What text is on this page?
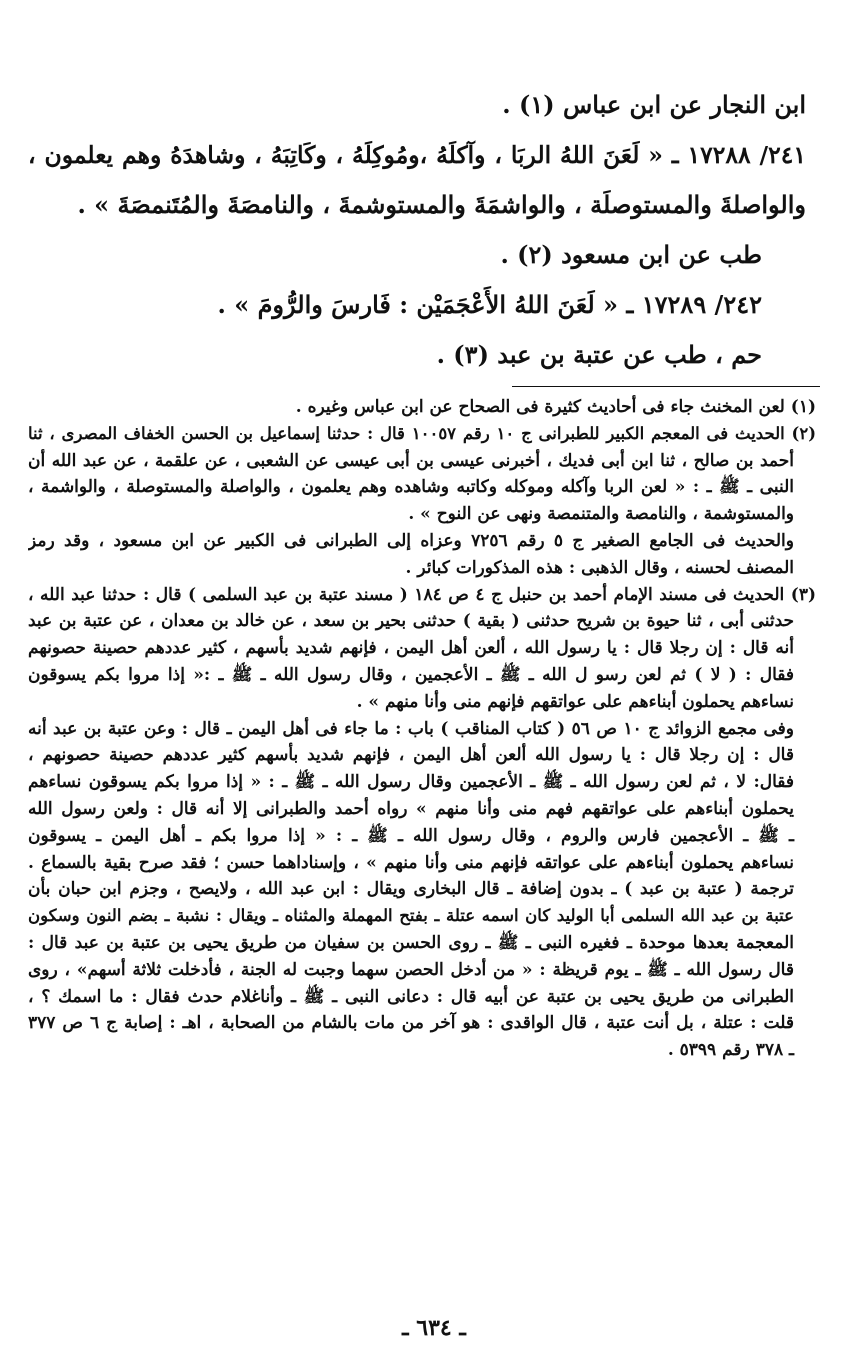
ابن النجار عن ابن عباس (١) .
٢٤١/ ١٧٢٨٨ ـ « لَعَنَ اللهُ الربَا ، وآكلَهُ ،ومُوكِلَهُ ، وكَاتِبَهُ ، وشاهدَهُ وهم يعلمون ،
والواصلةَ والمستوصلَة ، والواشمَةَ والمستوشمةَ ، والنامصَةَ والمُتَنمصَةَ » .
طب عن ابن مسعود (٢) .
٢٤٢/ ١٧٢٨٩ ـ « لَعَنَ اللهُ الأَعْجَمَيْن : فَارسَ والرُّومَ » .
حم ، طب عن عتبة بن عبد (٣) .
(١) لعن المخنث جاء فى أحاديث كثيرة فى الصحاح عن ابن عباس وغيره .
(٢) الحديث فى المعجم الكبير للطبرانى ج ١٠ رقم ١٠٠٥٧ قال : حدثنا إسماعيل بن الحسن الخفاف المصرى ، ثنا
أحمد بن صالح ، ثنا ابن أبى فديك ، أخبرنى عيسى بن أبى عيسى عن الشعبى ، عن علقمة ، عن عبد الله أن
النبى ـ ﷺ ـ : « لعن الربا وآكله وموكله وكاتبه وشاهده وهم يعلمون ، والواصلة والمستوصلة ، والواشمة ،
والمستوشمة ، والنامصة والمتنمصة ونهى عن النوح » .
والحديث فى الجامع الصغير ج ٥ رقم ٧٢٥٦ وعزاه إلى الطبرانى فى الكبير عن ابن مسعود ، وقد رمز
المصنف لحسنه ، وقال الذهبى : هذه المذكورات كبائر .
(٣) الحديث فى مسند الإمام أحمد بن حنبل ج ٤ ص ١٨٤ ( مسند عتبة بن عبد السلمى ) قال : حدثنا عبد الله ،
حدثنى أبى ، ثنا حيوة بن شريح حدثنى ( بقية ) حدثنى بحير بن سعد ، عن خالد بن معدان ، عن عتبة بن عبد
أنه قال : إن رجلا قال : يا رسول الله ، ألعن أهل اليمن ، فإنهم شديد بأسهم ، كثير عددهم حصينة حصونهم
فقال : ( لا ) ثم لعن رسو ل الله ـ ﷺ ـ الأعجمين ، وقال رسول الله ـ ﷺ ـ :« إذا مروا بكم يسوقون
نساءهم يحملون أبناءهم على عواتقهم فإنهم منى وأنا منهم » .
وفى مجمع الزوائد ج ١٠ ص ٥٦ ( كتاب المناقب ) باب : ما جاء فى أهل اليمن ـ قال : وعن عتبة بن عبد أنه
قال : إن رجلا قال : يا رسول الله ألعن أهل اليمن ، فإنهم شديد بأسهم كثير عددهم حصينة حصونهم ،
فقال: لا ، ثم لعن رسول الله ـ ﷺ ـ الأعجمين وقال رسول الله ـ ﷺ ـ : « إذا مروا بكم يسوقون نساءهم
يحملون أبناءهم على عواتقهم فهم منى وأنا منهم » رواه أحمد والطبرانى إلا أنه قال : ولعن رسول الله
ـ ﷺ ـ الأعجمين فارس والروم ، وقال رسول الله ـ ﷺ ـ : « إذا مروا بكم ـ أهل اليمن ـ يسوقون
نساءهم يحملون أبناءهم على عواتقه فإنهم منى وأنا منهم » ، وإسناداهما حسن ؛ فقد صرح بقية بالسماع .
ترجمة ( عتبة بن عبد ) ـ بدون إضافة ـ قال البخارى ويقال : ابن عبد الله ، ولايصح ، وجزم ابن حبان بأن
عتبة بن عبد الله السلمى أبا الوليد كان اسمه عتلة ـ بفتح المهملة والمثناه ـ ويقال : نشبة ـ بضم النون وسكون
المعجمة بعدها موحدة ـ فغيره النبى ـ ﷺ ـ روى الحسن بن سفيان من طريق يحيى بن عتبة بن عبد قال :
قال رسول الله ـ ﷺ ـ يوم قريظة : « من أدخل الحصن سهما وجبت له الجنة ، فأدخلت ثلاثة أسهم» ، روى
الطبرانى من طريق يحيى بن عتبة عن أبيه قال : دعانى النبى ـ ﷺ ـ وأناغلام حدث فقال : ما اسمك ؟ ،
قلت : عتلة ، بل أنت عتبة ، قال الواقدى : هو آخر من مات بالشام من الصحابة ، اهـ : إصابة ج ٦ ص ٣٧٧
ـ ٣٧٨ رقم ٥٣٩٩ .
ـ ٦٣٤ ـ
